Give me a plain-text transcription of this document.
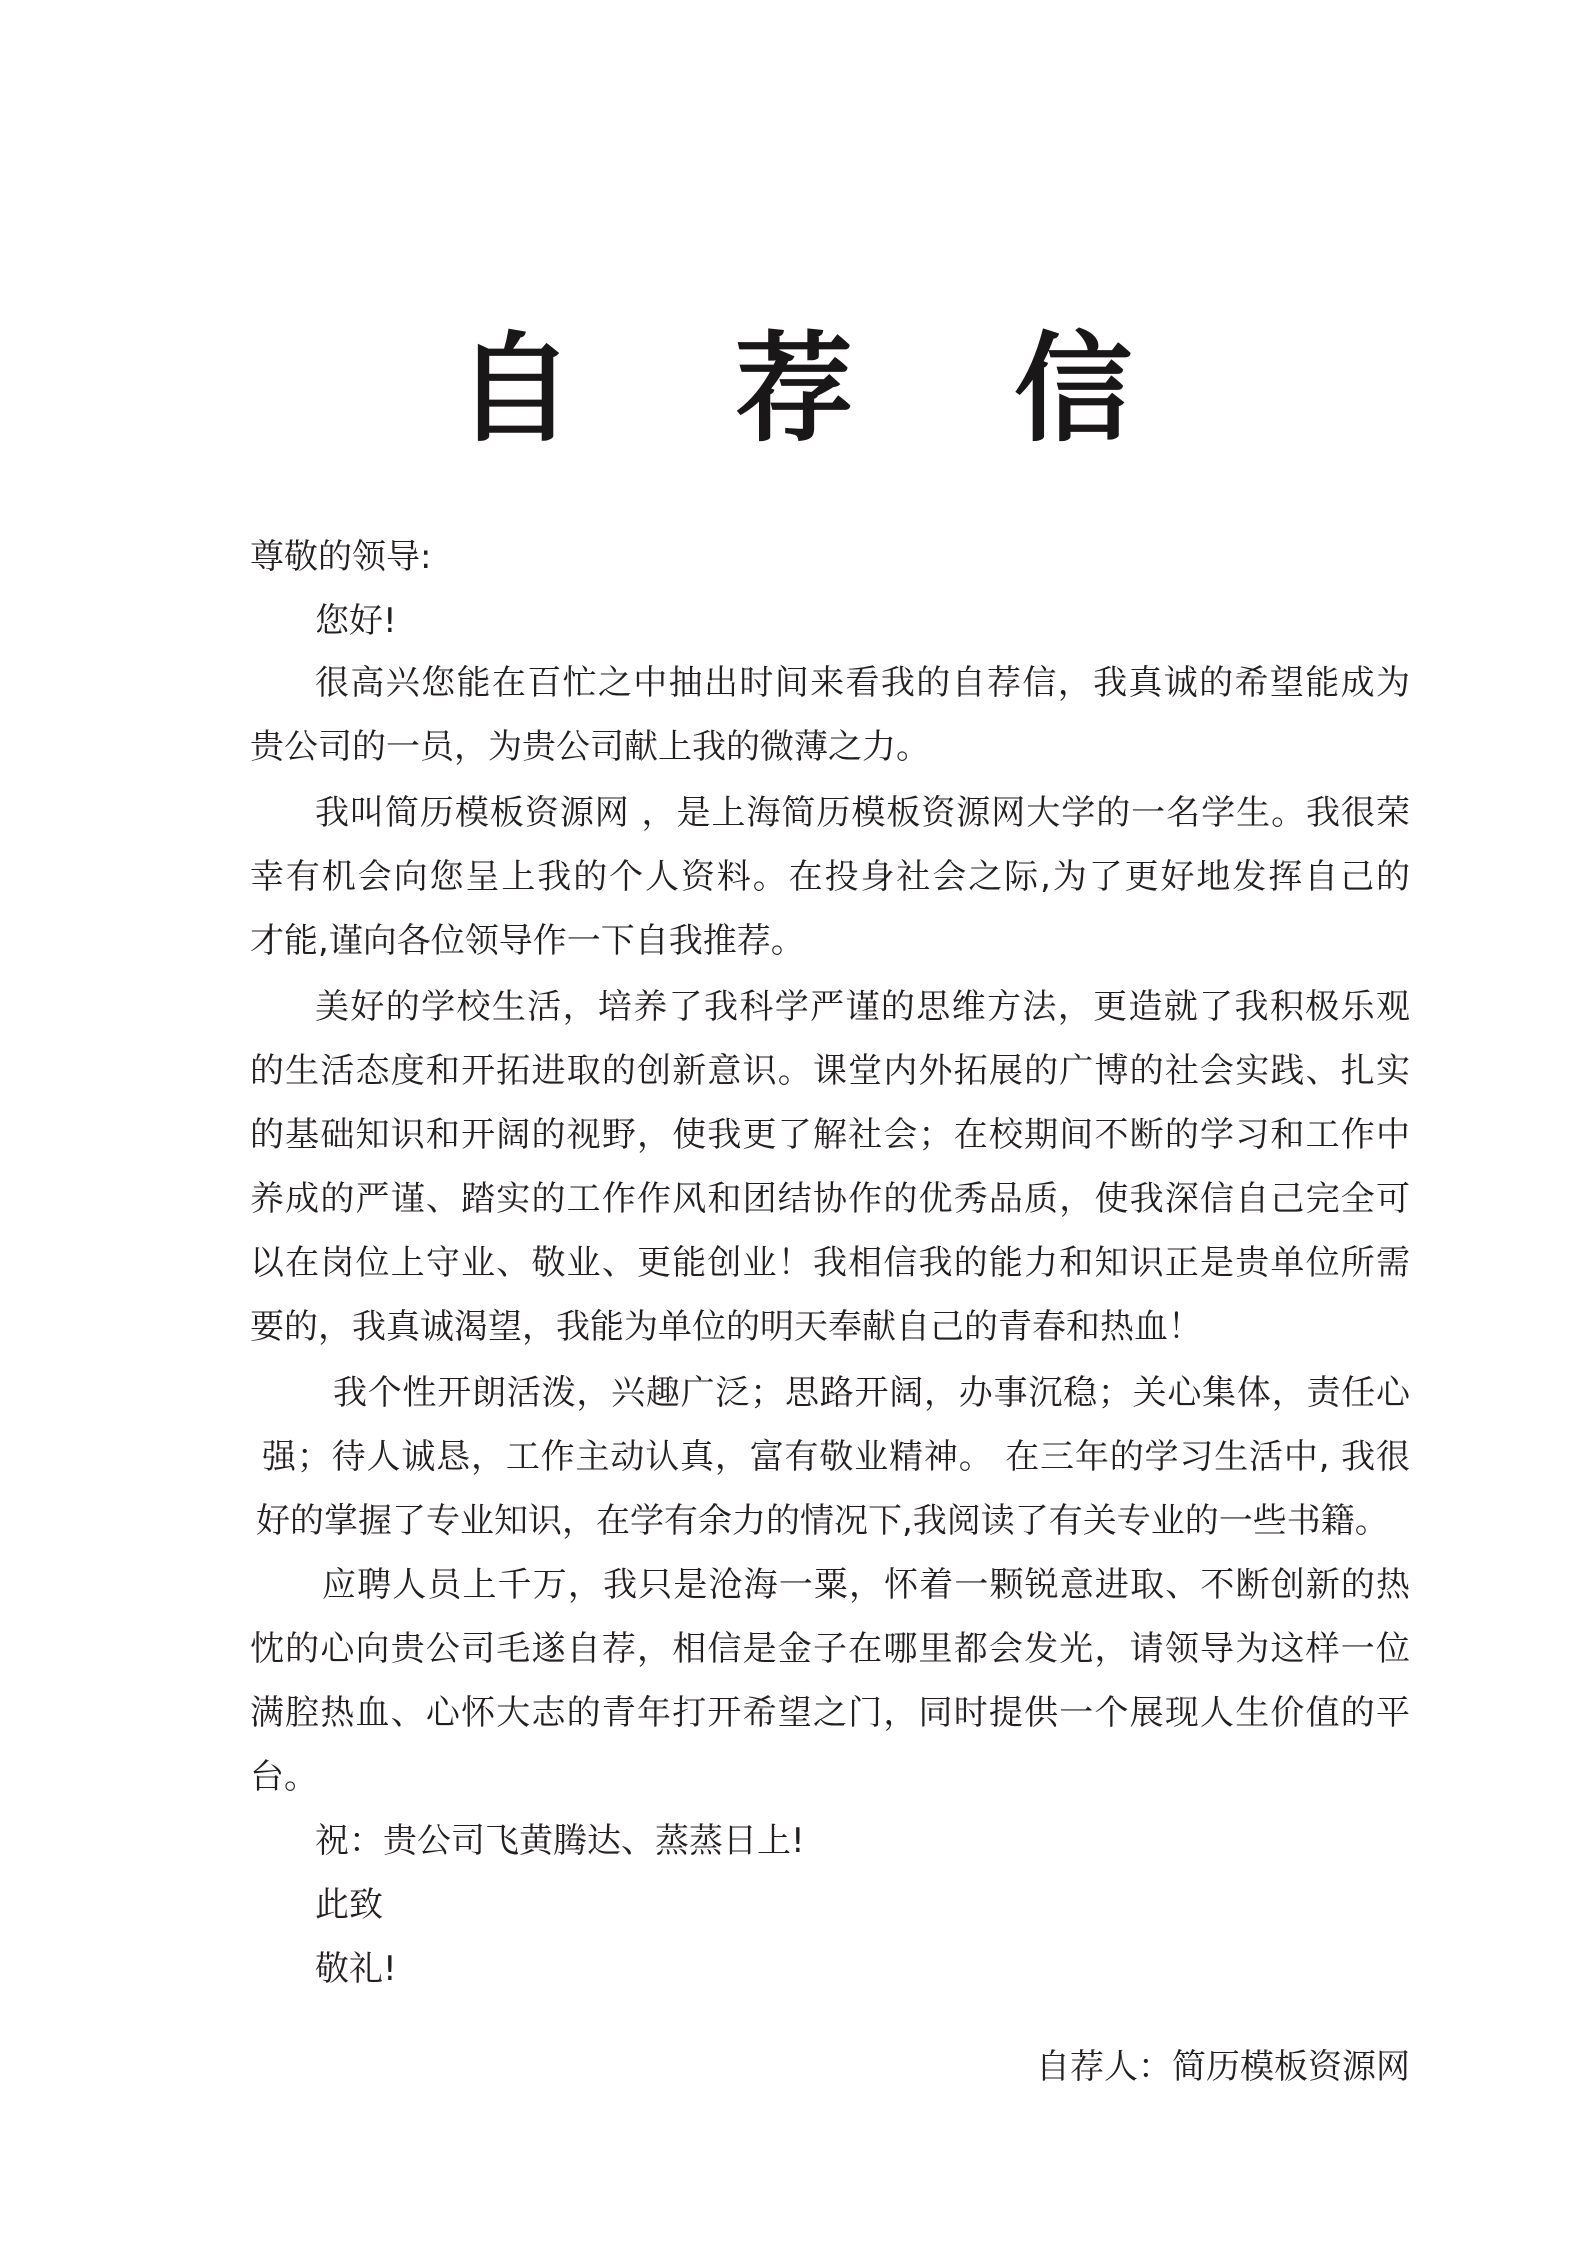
自 荐 信
尊敬的领导:
您好!
很高兴您能在百忙之中抽出时间来看我的自荐信，我真诚的希望能成为
贵公司的一员，为贵公司献上我的微薄之力。
我叫简历模板资源网 ，是上海简历模板资源网大学的一名学生。我很荣
幸有机会向您呈上我的个人资料。在投身社会之际,为了更好地发挥自己的
才能,谨向各位领导作一下自我推荐。
美好的学校生活，培养了我科学严谨的思维方法，更造就了我积极乐观
的生活态度和开拓进取的创新意识。课堂内外拓展的广博的社会实践、扎实
的基础知识和开阔的视野，使我更了解社会；在校期间不断的学习和工作中
养成的严谨、踏实的工作作风和团结协作的优秀品质，使我深信自己完全可
以在岗位上守业、敬业、更能创业！我相信我的能力和知识正是贵单位所需
要的，我真诚渴望，我能为单位的明天奉献自己的青春和热血！
我个性开朗活泼，兴趣广泛；思路开阔，办事沉稳；关心集体，责任心
强；待人诚恳，工作主动认真，富有敬业精神。 在三年的学习生活中, 我很
好的掌握了专业知识，在学有余力的情况下,我阅读了有关专业的一些书籍。
应聘人员上千万，我只是沧海一粟，怀着一颗锐意进取、不断创新的热
忱的心向贵公司毛遂自荐，相信是金子在哪里都会发光，请领导为这样一位
满腔热血、心怀大志的青年打开希望之门，同时提供一个展现人生价值的平
台。
祝：贵公司飞黄腾达、蒸蒸日上!
此致
敬礼!
自荐人：简历模板资源网
